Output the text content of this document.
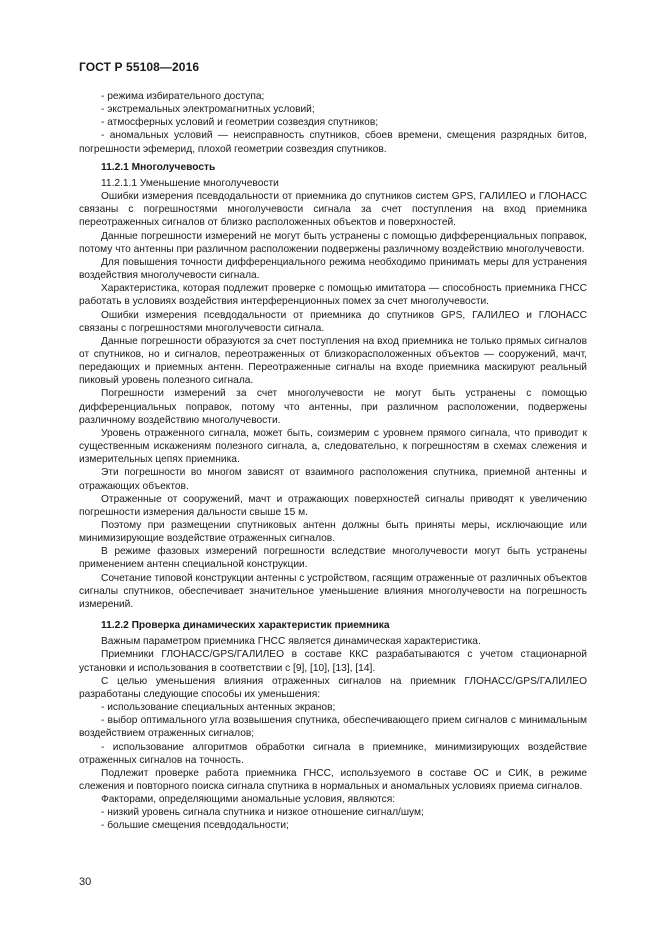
ГОСТ Р 55108—2016

- режима избирательного доступа;

- экстремальных электромагнитных условий;

- атмосферных условий и геометрии созвездия спутников;

- аномальных условий — неисправность спутников, сбоев времени, смещения разрядных битов, погрешности эфемерид, плохой геометрии созвездия спутников.

11.2.1 Многолучевость

11.2.1.1 Уменьшение многолучевости

Ошибки измерения псевдодальности от приемника до спутников систем GPS, ГАЛИЛЕО и ГЛОНАСС связаны с погрешностями многолучевости сигнала за счет поступления на вход приемника переотраженных сигналов от близко расположенных объектов и поверхностей.

Данные погрешности измерений не могут быть устранены с помощью дифференциальных поправок, потому что антенны при различном расположении подвержены различному воздействию многолучевости.

Для повышения точности дифференциального режима необходимо принимать меры для устранения воздействия многолучевости сигнала.

Характеристика, которая подлежит проверке с помощью имитатора — способность приемника ГНСС работать в условиях воздействия интерференционных помех за счет многолучевости.

Ошибки измерения псевдодальности от приемника до спутников GPS, ГАЛИЛЕО и ГЛОНАСС связаны с погрешностями многолучевости сигнала.

Данные погрешности образуются за счет поступления на вход приемника не только прямых сигналов от спутников, но и сигналов, переотраженных от близкорасположенных объектов — сооружений, мачт, передающих и приемных антенн. Переотраженные сигналы на входе приемника маскируют реальный пиковый уровень полезного сигнала.

Погрешности измерений за счет многолучевости не могут быть устранены с помощью дифференциальных поправок, потому что антенны, при различном расположении, подвержены различному воздействию многолучевости.

Уровень отраженного сигнала, может быть, соизмерим с уровнем прямого сигнала, что приводит к существенным искажениям полезного сигнала, а, следовательно, к погрешностям в схемах слежения и измерительных цепях приемника.

Эти погрешности во многом зависят от взаимного расположения спутника, приемной антенны и отражающих объектов.

Отраженные от сооружений, мачт и отражающих поверхностей сигналы приводят к увеличению погрешности измерения дальности свыше 15 м.

Поэтому при размещении спутниковых антенн должны быть приняты меры, исключающие или минимизирующие воздействие отраженных сигналов.

В режиме фазовых измерений погрешности вследствие многолучевости могут быть устранены применением антенн специальной конструкции.

Сочетание типовой конструкции антенны с устройством, гасящим отраженные от различных объектов сигналы спутников, обеспечивает значительное уменьшение влияния многолучевости на погрешность измерений.

11.2.2 Проверка динамических характеристик приемника

Важным параметром приемника ГНСС является динамическая характеристика.

Приемники ГЛОНАСС/GPS/ГАЛИЛЕО в составе ККС разрабатываются с учетом стационарной установки и использования в соответствии с [9], [10], [13], [14].

С целью уменьшения влияния отраженных сигналов на приемник ГЛОНАСС/GPS/ГАЛИЛЕО разработаны следующие способы их уменьшения:

- использование специальных антенных экранов;

- выбор оптимального угла возвышения спутника, обеспечивающего прием сигналов с минимальным воздействием отраженных сигналов;

- использование алгоритмов обработки сигнала в приемнике, минимизирующих воздействие отраженных сигналов на точность.

Подлежит проверке работа приемника ГНСС, используемого в составе ОС и СИК, в режиме слежения и повторного поиска сигнала спутника в нормальных и аномальных условиях приема сигналов.

Факторами, определяющими аномальные условия, являются:

- низкий уровень сигнала спутника и низкое отношение сигнал/шум;

- большие смещения псевдодальности;

30
